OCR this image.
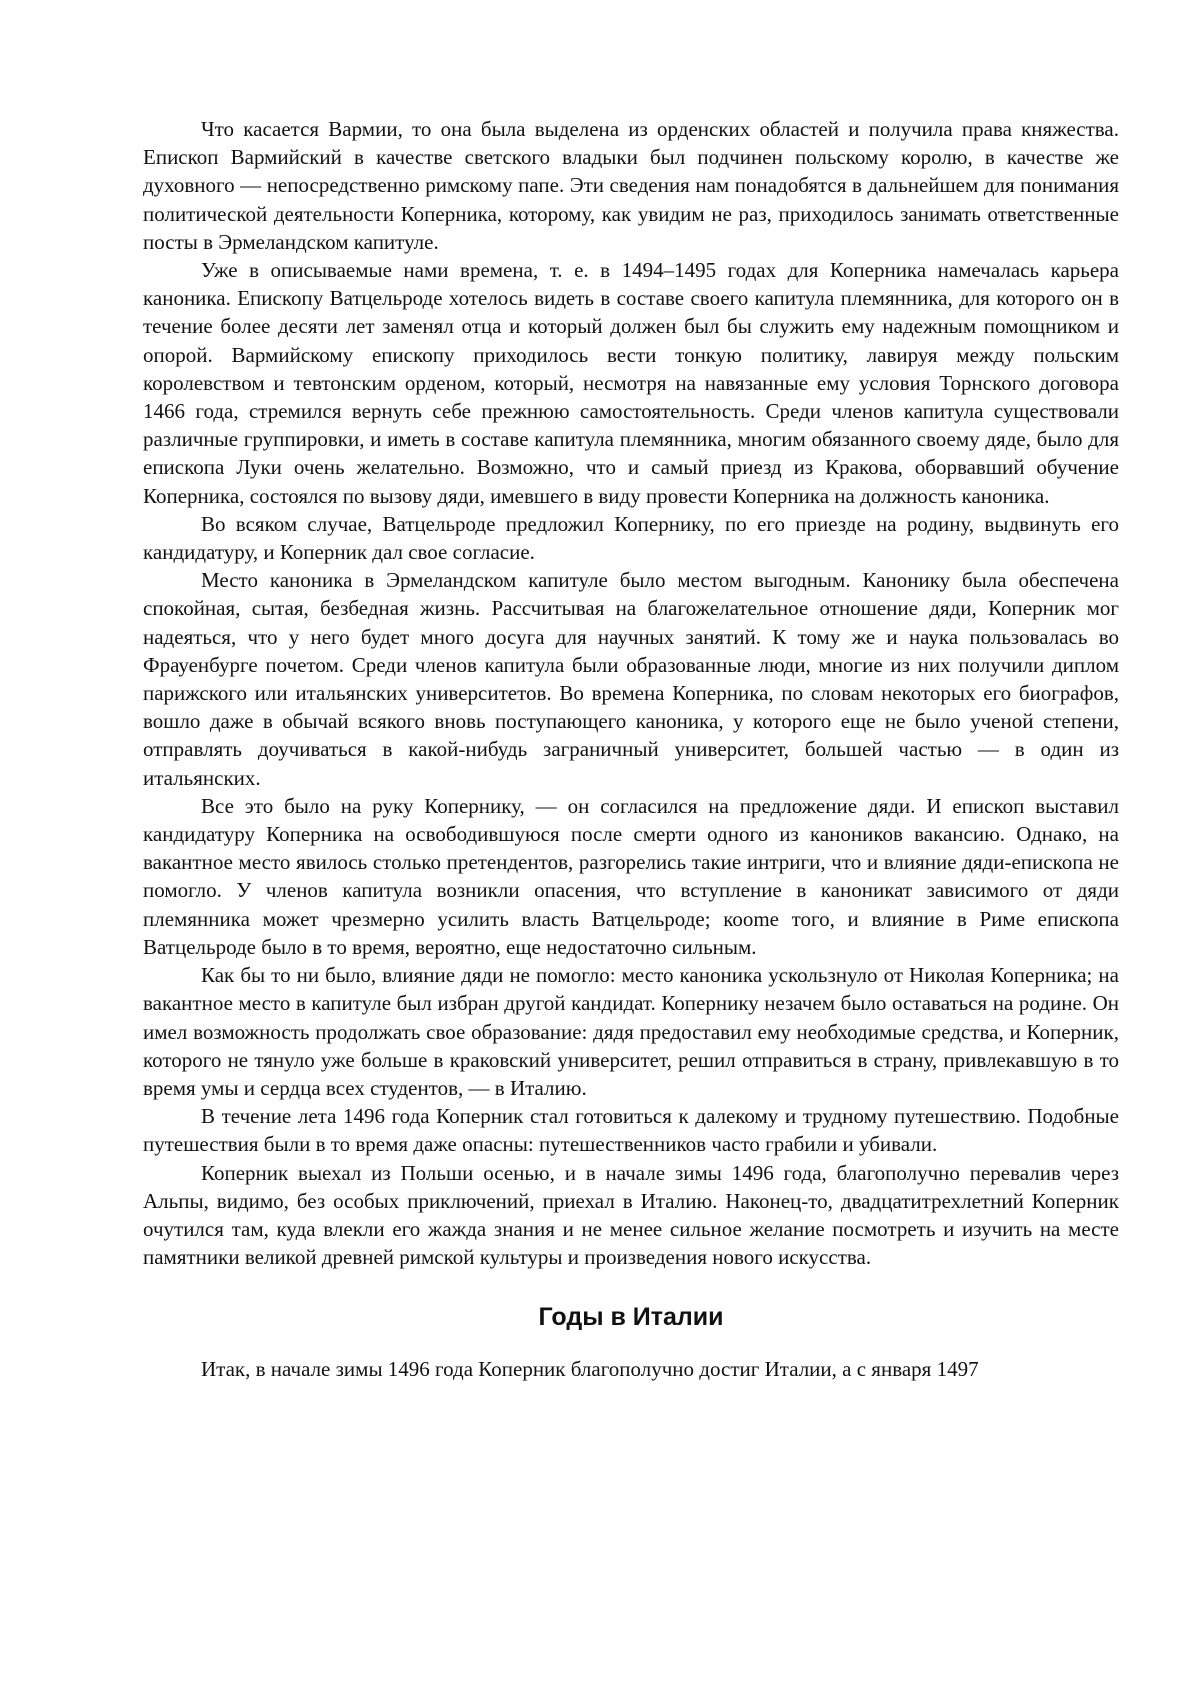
Что касается Вармии, то она была выделена из орденских областей и получила права княжества. Епископ Вармийский в качестве светского владыки был подчинен польскому королю, в качестве же духовного — непосредственно римскому папе. Эти сведения нам понадобятся в дальнейшем для понимания политической деятельности Коперника, которому, как увидим не раз, приходилось занимать ответственные посты в Эрмеландском капитуле.

Уже в описываемые нами времена, т. е. в 1494–1495 годах для Коперника намечалась карьера каноника. Епископу Ватцельроде хотелось видеть в составе своего капитула племянника, для которого он в течение более десяти лет заменял отца и который должен был бы служить ему надежным помощником и опорой. Вармийскому епископу приходилось вести тонкую политику, лавируя между польским королевством и тевтонским орденом, который, несмотря на навязанные ему условия Торнского договора 1466 года, стремился вернуть себе прежнюю самостоятельность. Среди членов капитула существовали различные группировки, и иметь в составе капитула племянника, многим обязанного своему дяде, было для епископа Луки очень желательно. Возможно, что и самый приезд из Кракова, оборвавший обучение Коперника, состоялся по вызову дяди, имевшего в виду провести Коперника на должность каноника.

Во всяком случае, Ватцельроде предложил Копернику, по его приезде на родину, выдвинуть его кандидатуру, и Коперник дал свое согласие.

Место каноника в Эрмеландском капитуле было местом выгодным. Канонику была обеспечена спокойная, сытая, безбедная жизнь. Рассчитывая на благожелательное отношение дяди, Коперник мог надеяться, что у него будет много досуга для научных занятий. К тому же и наука пользовалась во Фрауенбурге почетом. Среди членов капитула были образованные люди, многие из них получили диплом парижского или итальянских университетов. Во времена Коперника, по словам некоторых его биографов, вошло даже в обычай всякого вновь поступающего каноника, у которого еще не было ученой степени, отправлять доучиваться в какой-нибудь заграничный университет, большей частью — в один из итальянских.

Все это было на руку Копернику, — он согласился на предложение дяди. И епископ выставил кандидатуру Коперника на освободившуюся после смерти одного из каноников вакансию. Однако, на вакантное место явилось столько претендентов, разгорелись такие интриги, что и влияние дяди-епископа не помогло. У членов капитула возникли опасения, что вступление в каноникат зависимого от дяди племянника может чрезмерно усилить власть Ватцельроде; коome того, и влияние в Риме епископа Ватцельроде было в то время, вероятно, еще недостаточно сильным.

Как бы то ни было, влияние дяди не помогло: место каноника ускользнуло от Николая Коперника; на вакантное место в капитуле был избран другой кандидат. Копернику незачем было оставаться на родине. Он имел возможность продолжать свое образование: дядя предоставил ему необходимые средства, и Коперник, которого не тянуло уже больше в краковский университет, решил отправиться в страну, привлекавшую в то время умы и сердца всех студентов, — в Италию.

В течение лета 1496 года Коперник стал готовиться к далекому и трудному путешествию. Подобные путешествия были в то время даже опасны: путешественников часто грабили и убивали.

Коперник выехал из Польши осенью, и в начале зимы 1496 года, благополучно перевалив через Альпы, видимо, без особых приключений, приехал в Италию. Наконец-то, двадцатитрехлетний Коперник очутился там, куда влекли его жажда знания и не менее сильное желание посмотреть и изучить на месте памятники великой древней римской культуры и произведения нового искусства.

Годы в Италии

Итак, в начале зимы 1496 года Коперник благополучно достиг Италии, а с января 1497
